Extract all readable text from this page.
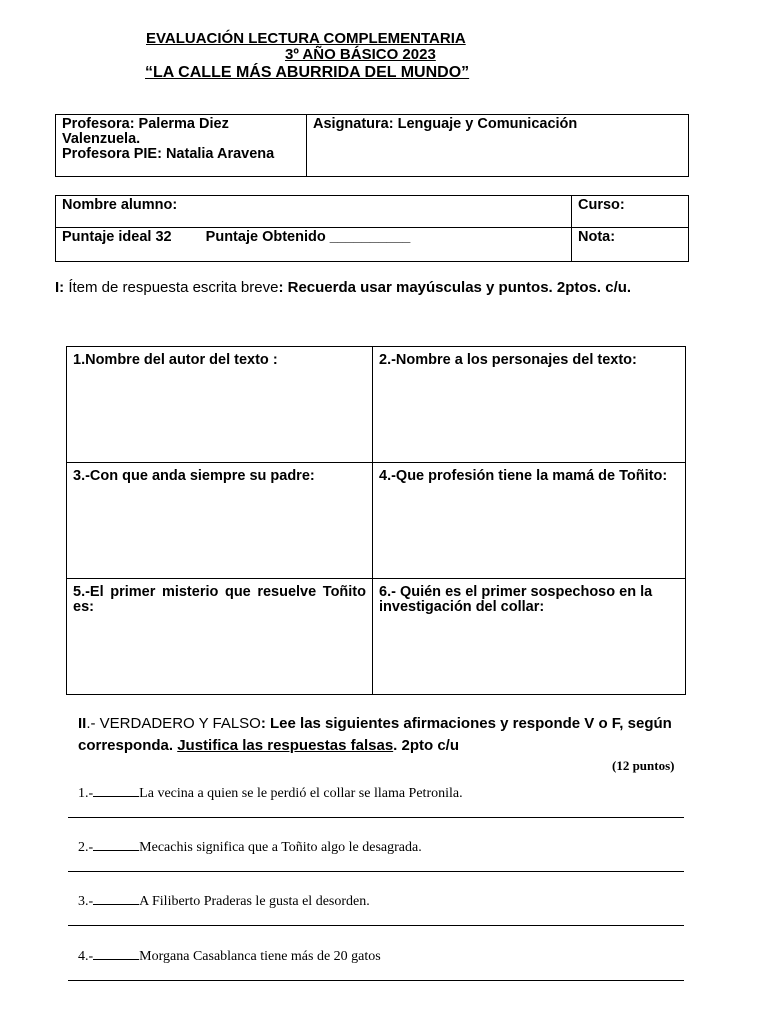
EVALUACIÓN LECTURA COMPLEMENTARIA
3º AÑO BÁSICO 2023
“LA CALLE MÁS ABURRIDA DEL MUNDO”
Profesora: Palerma Diez Valenzuela.
Profesora PIE: Natalia Aravena
	Asignatura: Lenguaje y Comunicación
Nombre alumno:	Curso:
Puntaje ideal 32 Puntaje Obtenido __________	Nota:
I: Ítem de respuesta escrita breve: Recuerda usar mayúsculas y puntos. 2ptos. c/u.
1.Nombre del autor del texto :	2.-Nombre a los personajes del texto:
3.-Con que anda siempre su padre:	4.-Que profesión tiene la mamá de Toñito:
5.-El primer misterio que resuelve Toñito es:	6.- Quién es el primer sospechoso en la investigación del collar:
II.- VERDADERO Y FALSO: Lee las siguientes afirmaciones y responde V o F, según corresponda. Justifica las respuestas falsas. 2pto c/u
(12 puntos)
1.-	La vecina a quien se le perdió el collar se llama Petronila.
2.-	Mecachis significa que a Toñito algo le desagrada.
3.-	A Filiberto Praderas le gusta el desorden.
4.-	Morgana Casablanca tiene más de 20 gatos
